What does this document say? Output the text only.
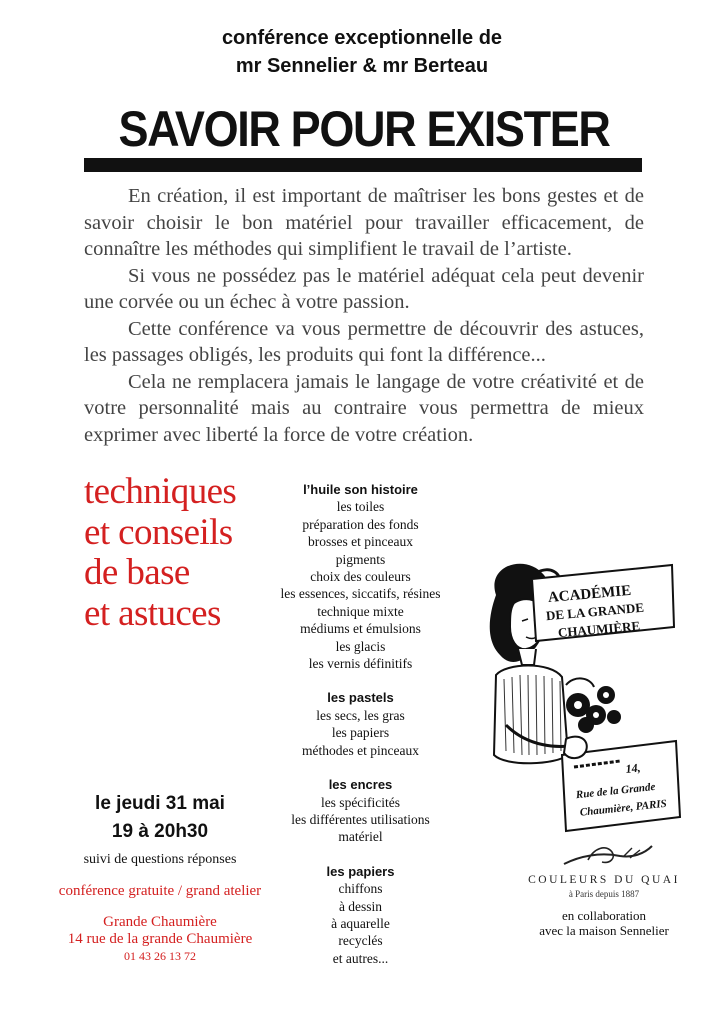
conférence exceptionnelle de
mr Sennelier & mr Berteau
SAVOIR POUR EXISTER

En création, il est important de maîtriser les bons gestes et de savoir choisir le bon matériel pour travailler efficacement, de connaître les méthodes qui simplifient le travail de l’artiste.

Si vous ne possédez pas le matériel adéquat cela peut devenir une corvée ou un échec à votre passion.

Cette conférence va vous permettre de découvrir des astuces, les passages obligés, les produits qui font la différence...

Cela ne remplacera jamais le langage de votre créativité et de votre personnalité mais au contraire vous permettra de mieux exprimer avec liberté la force de votre création.

techniques
et conseils
de base
et astuces
l’huile son histoire
les toiles
préparation des fonds
brosses et pinceaux
pigments
choix des couleurs
les essences, siccatifs, résines
technique mixte
médiums et émulsions
les glacis
les vernis définitifs
les pastels
les secs, les gras
les papiers
méthodes et pinceaux
les encres
les spécificités
les différentes utilisations
matériel
les papiers
chiffons
à dessin
à aquarelle
recyclés
et autres...
le jeudi 31 mai
19 à 20h30
suivi de questions réponses
conférence gratuite / grand atelier
Grande Chaumière
14 rue de la grande Chaumière
01 43 26 13 72
ACADÉMIE
DE LA GRANDE
CHAUMIÈRE
14,
Rue de la Grande
Chaumière, PARIS
COULEURS DU QUAI
à Paris depuis 1887
en collaboration
avec la maison Sennelier
